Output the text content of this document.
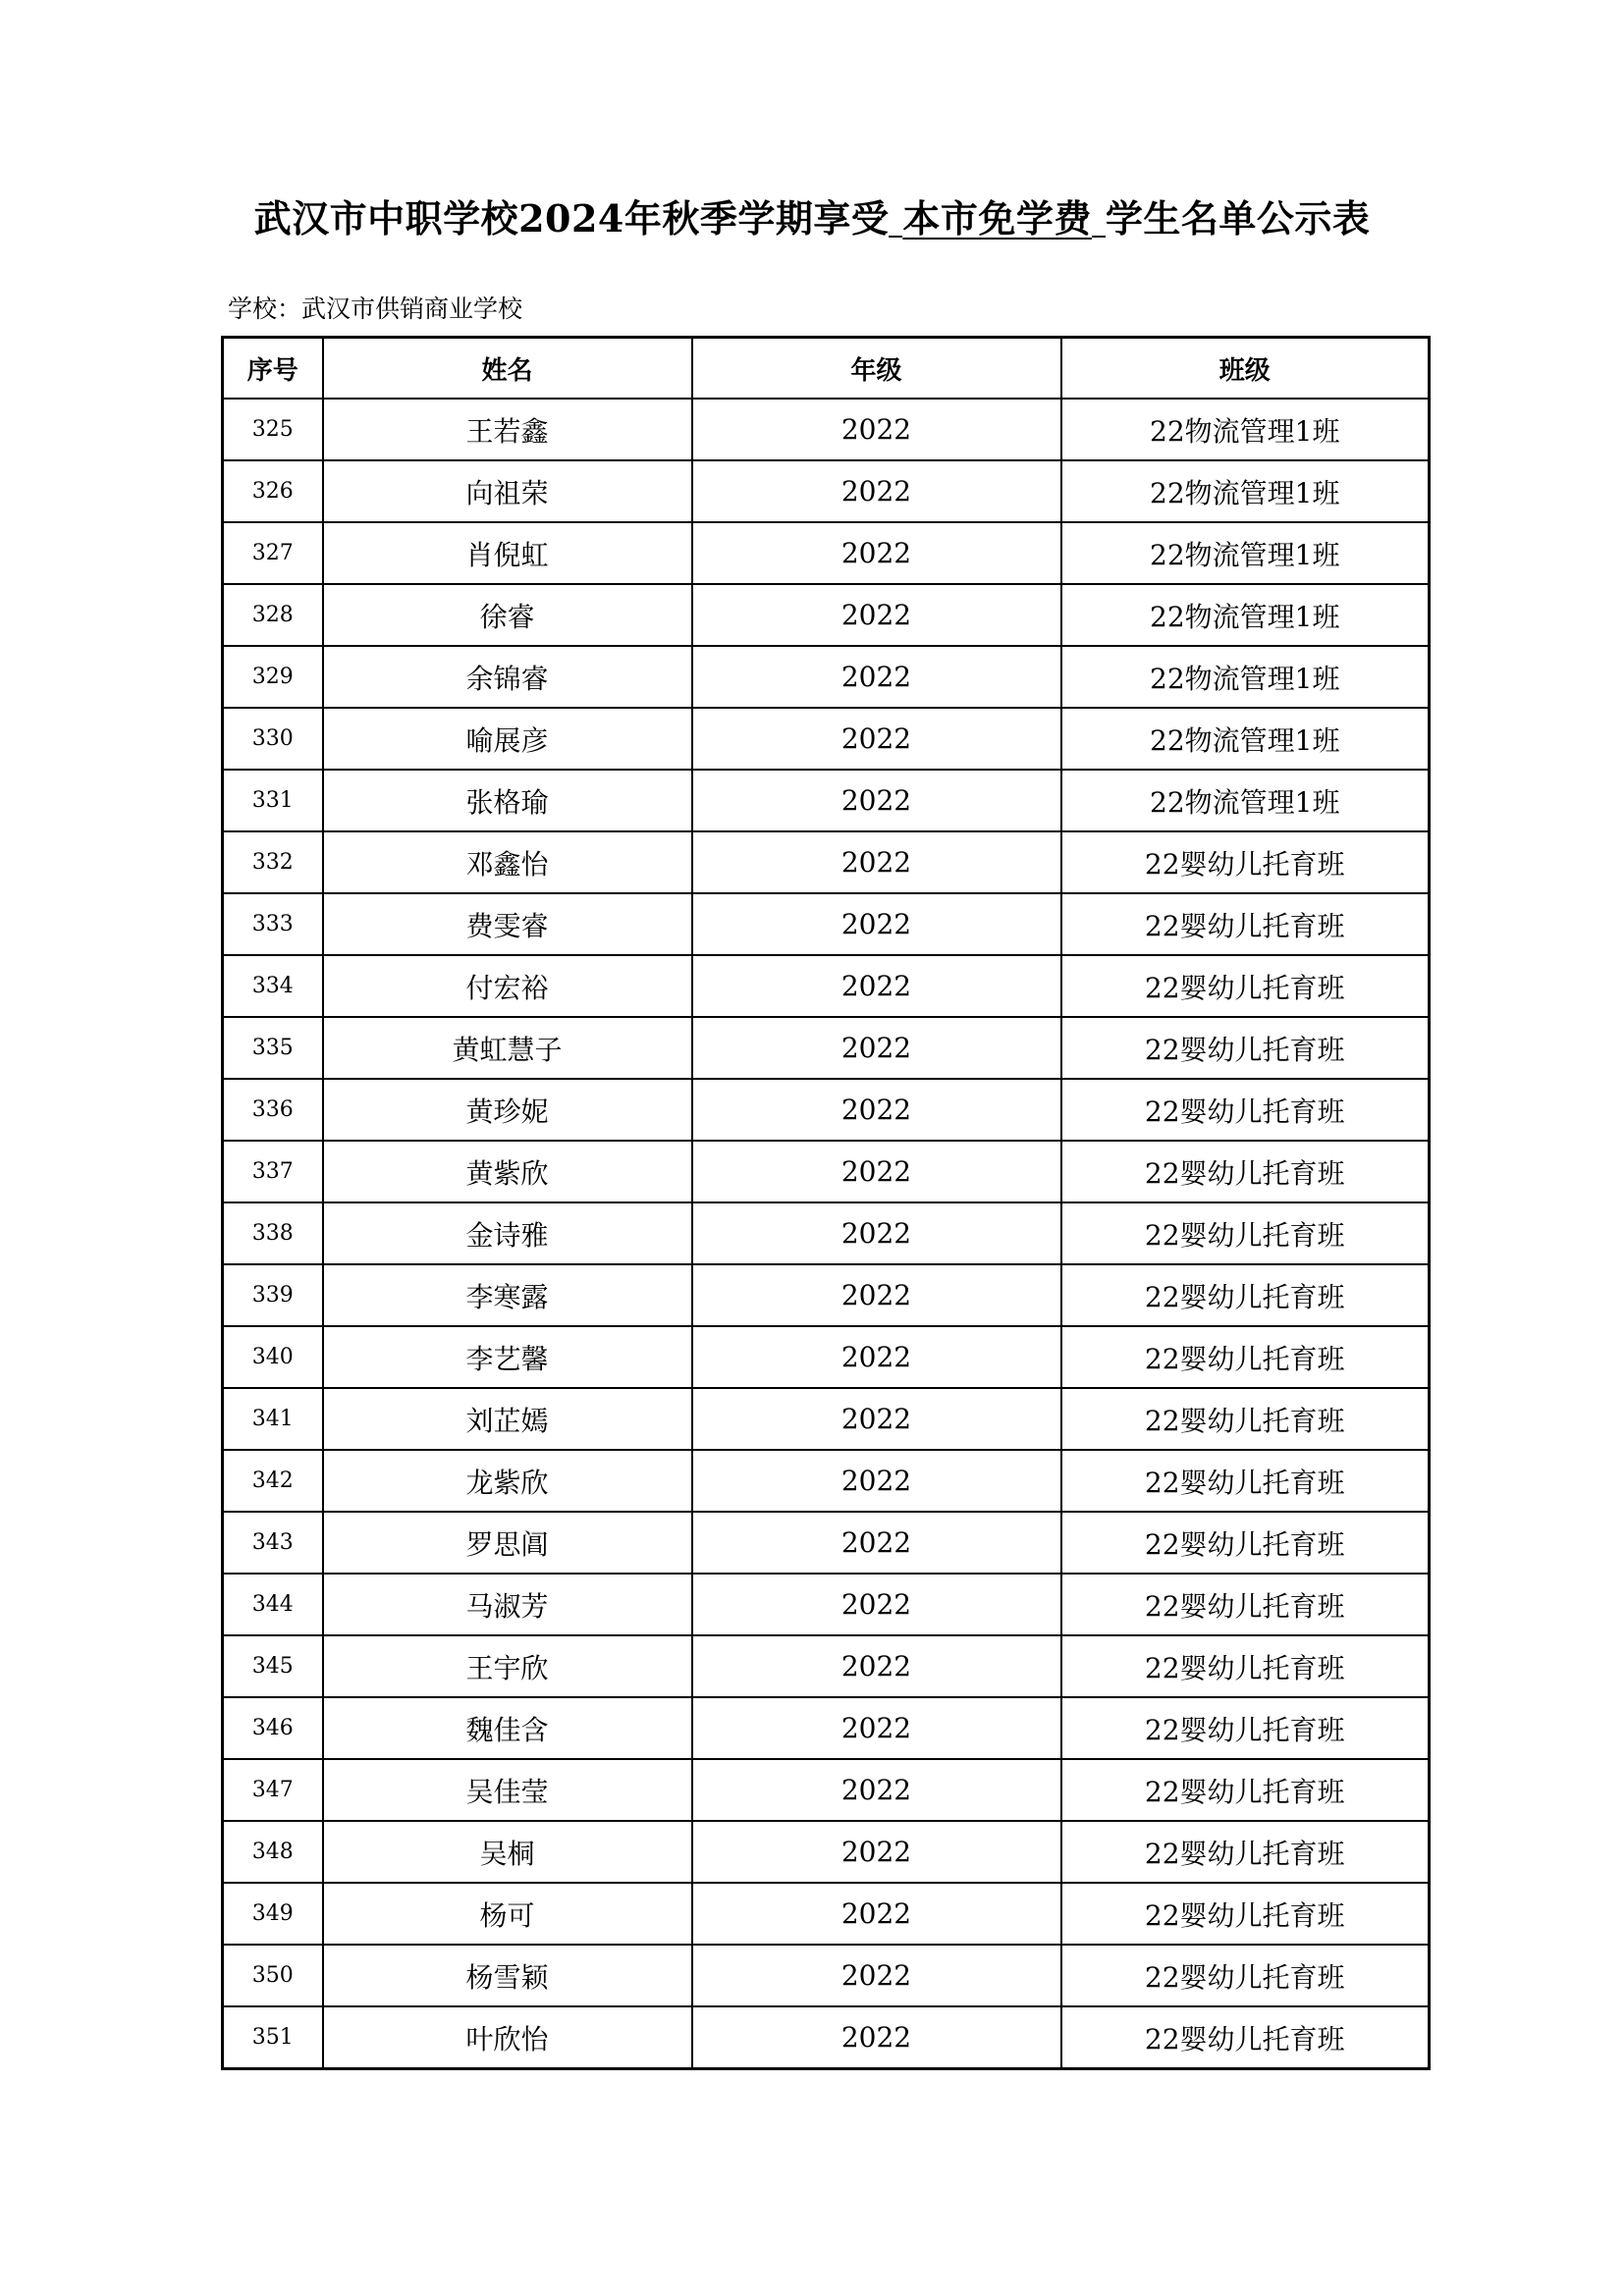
武汉市中职学校2024年秋季学期享受 本市免学费 学生名单公示表
学校：武汉市供销商业学校
序号	姓名	年级	班级
325	王若鑫	2022	22物流管理1班
326	向祖荣	2022	22物流管理1班
327	肖倪虹	2022	22物流管理1班
328	徐睿	2022	22物流管理1班
329	余锦睿	2022	22物流管理1班
330	喻展彦	2022	22物流管理1班
331	张格瑜	2022	22物流管理1班
332	邓鑫怡	2022	22婴幼儿托育班
333	费雯睿	2022	22婴幼儿托育班
334	付宏裕	2022	22婴幼儿托育班
335	黄虹慧子	2022	22婴幼儿托育班
336	黄珍妮	2022	22婴幼儿托育班
337	黄紫欣	2022	22婴幼儿托育班
338	金诗雅	2022	22婴幼儿托育班
339	李寒露	2022	22婴幼儿托育班
340	李艺馨	2022	22婴幼儿托育班
341	刘芷嫣	2022	22婴幼儿托育班
342	龙紫欣	2022	22婴幼儿托育班
343	罗思阊	2022	22婴幼儿托育班
344	马淑芳	2022	22婴幼儿托育班
345	王宇欣	2022	22婴幼儿托育班
346	魏佳含	2022	22婴幼儿托育班
347	吴佳莹	2022	22婴幼儿托育班
348	吴桐	2022	22婴幼儿托育班
349	杨可	2022	22婴幼儿托育班
350	杨雪颖	2022	22婴幼儿托育班
351	叶欣怡	2022	22婴幼儿托育班
